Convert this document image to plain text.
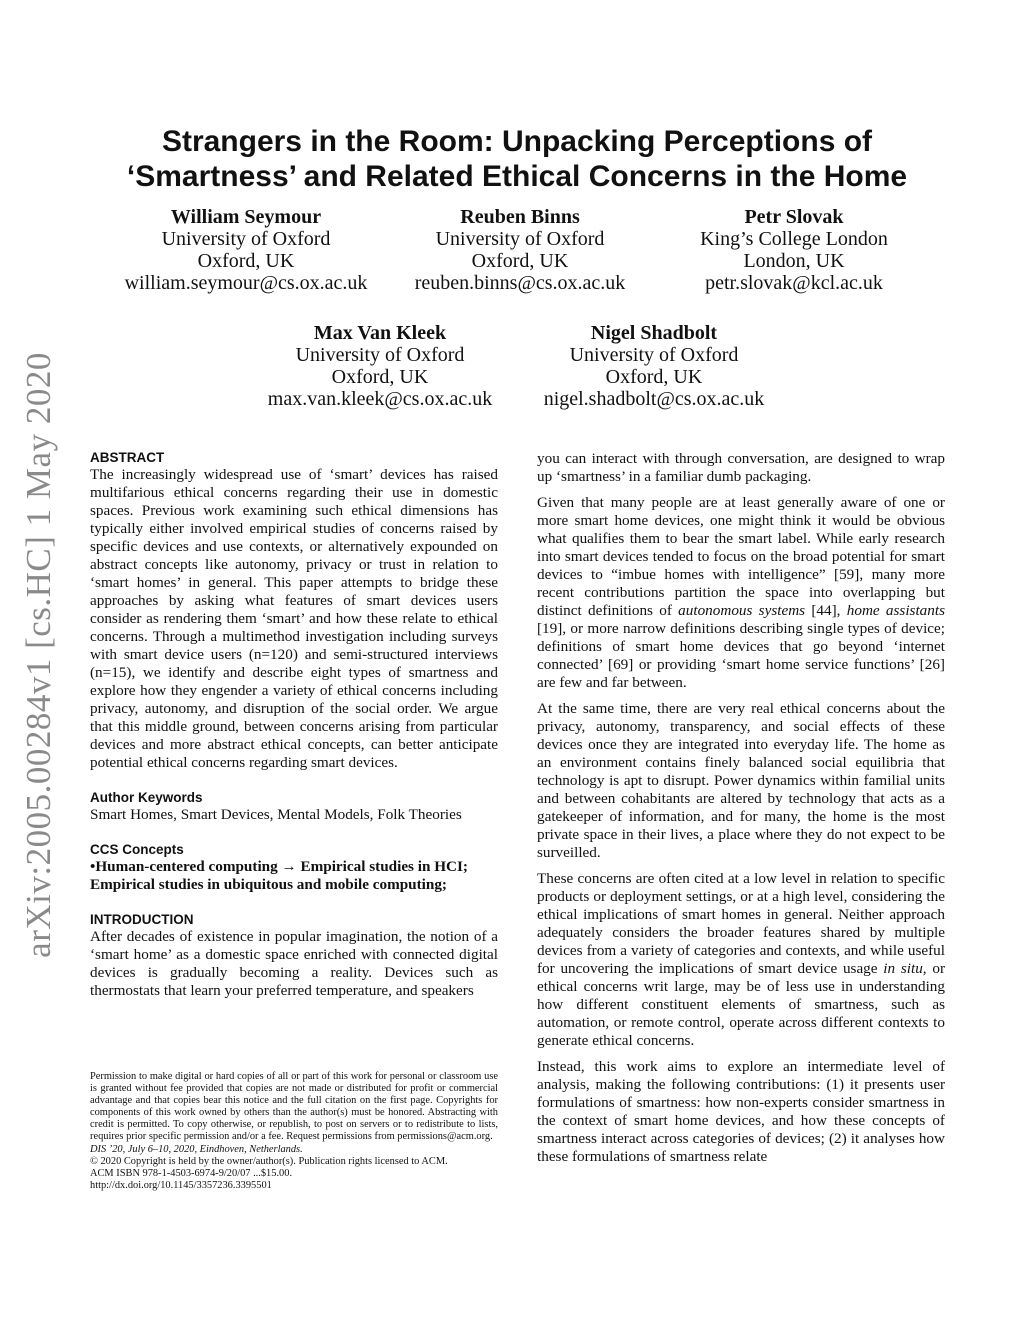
arXiv:2005.00284v1 [cs.HC] 1 May 2020
Strangers in the Room: Unpacking Perceptions of
‘Smartness’ and Related Ethical Concerns in the Home
William Seymour
University of Oxford
Oxford, UK
william.seymour@cs.ox.ac.uk
Reuben Binns
University of Oxford
Oxford, UK
reuben.binns@cs.ox.ac.uk
Petr Slovak
King’s College London
London, UK
petr.slovak@kcl.ac.uk
Max Van Kleek
University of Oxford
Oxford, UK
max.van.kleek@cs.ox.ac.uk
Nigel Shadbolt
University of Oxford
Oxford, UK
nigel.shadbolt@cs.ox.ac.uk
ABSTRACT

The increasingly widespread use of ‘smart’ devices has raised multifarious ethical concerns regarding their use in domestic spaces. Previous work examining such ethical dimensions has typically either involved empirical studies of concerns raised by specific devices and use contexts, or alternatively expounded on abstract concepts like autonomy, privacy or trust in relation to ‘smart homes’ in general. This paper attempts to bridge these approaches by asking what features of smart devices users consider as rendering them ‘smart’ and how these relate to ethical concerns. Through a multimethod investigation including surveys with smart device users (n=120) and semi-structured interviews (n=15), we identify and describe eight types of smartness and explore how they engender a variety of ethical concerns including privacy, autonomy, and disruption of the social order. We argue that this middle ground, between concerns arising from particular devices and more abstract ethical concepts, can better anticipate potential ethical concerns regarding smart devices.

Author Keywords

Smart Homes, Smart Devices, Mental Models, Folk Theories

CCS Concepts

•Human-centered computing → Empirical studies in HCI;
Empirical studies in ubiquitous and mobile computing;

INTRODUCTION

After decades of existence in popular imagination, the notion of a ‘smart home’ as a domestic space enriched with connected digital devices is gradually becoming a reality. Devices such as thermostats that learn your preferred temperature, and speakers

Permission to make digital or hard copies of all or part of this work for personal or classroom use is granted without fee provided that copies are not made or distributed for profit or commercial advantage and that copies bear this notice and the full citation on the first page. Copyrights for components of this work owned by others than the author(s) must be honored. Abstracting with credit is permitted. To copy otherwise, or republish, to post on servers or to redistribute to lists, requires prior specific permission and/or a fee. Request permissions from permissions@acm.org.

DIS ’20, July 6–10, 2020, Eindhoven, Netherlands.
© 2020 Copyright is held by the owner/author(s). Publication rights licensed to ACM.
ACM ISBN 978-1-4503-6974-9/20/07 ...$15.00.
http://dx.doi.org/10.1145/3357236.3395501

you can interact with through conversation, are designed to wrap up ‘smartness’ in a familiar dumb packaging.

Given that many people are at least generally aware of one or more smart home devices, one might think it would be obvious what qualifies them to bear the smart label. While early research into smart devices tended to focus on the broad potential for smart devices to “imbue homes with intelligence” [59], many more recent contributions partition the space into overlapping but distinct definitions of autonomous systems [44], home assistants [19], or more narrow definitions describing single types of device; definitions of smart home devices that go beyond ‘internet connected’ [69] or providing ‘smart home service functions’ [26] are few and far between.

At the same time, there are very real ethical concerns about the privacy, autonomy, transparency, and social effects of these devices once they are integrated into everyday life. The home as an environment contains finely balanced social equilibria that technology is apt to disrupt. Power dynamics within familial units and between cohabitants are altered by technology that acts as a gatekeeper of information, and for many, the home is the most private space in their lives, a place where they do not expect to be surveilled.

These concerns are often cited at a low level in relation to specific products or deployment settings, or at a high level, considering the ethical implications of smart homes in general. Neither approach adequately considers the broader features shared by multiple devices from a variety of categories and contexts, and while useful for uncovering the implications of smart device usage in situ, or ethical concerns writ large, may be of less use in understanding how different constituent elements of smartness, such as automation, or remote control, operate across different contexts to generate ethical concerns.

Instead, this work aims to explore an intermediate level of analysis, making the following contributions: (1) it presents user formulations of smartness: how non-experts consider smartness in the context of smart home devices, and how these concepts of smartness interact across categories of devices; (2) it analyses how these formulations of smartness relate
